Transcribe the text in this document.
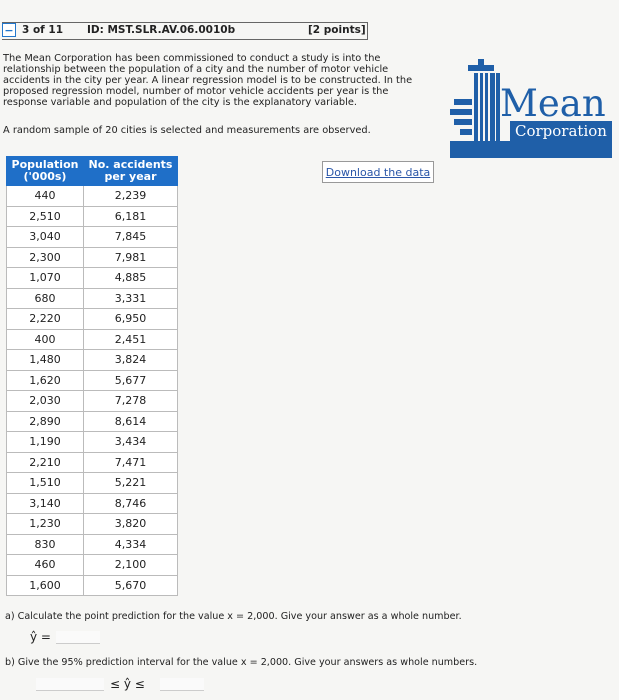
− 3 of 11 ID: MST.SLR.AV.06.0010b	[2 points]
The Mean Corporation has been commissioned to conduct a study is into the relationship between the population of a city and the number of motor vehicle accidents in the city per year. A linear regression model is to be constructed. In the proposed regression model, number of motor vehicle accidents per year is the response variable and population of the city is the explanatory variable.
A random sample of 20 cities is selected and measurements are observed.
Population ('000s)	No. accidents per year
440	2,239
2,510	6,181
3,040	7,845
2,300	7,981
1,070	4,885
680	3,331
2,220	6,950
400	2,451
1,480	3,824
1,620	5,677
2,030	7,278
2,890	8,614
1,190	3,434
2,210	7,471
1,510	5,221
3,140	8,746
1,230	3,820
830	4,334
460	2,100
1,600	5,670
Download the data
Mean
Corporation
a) Calculate the point prediction for the value x = 2,000. Give your answer as a whole number.
ŷ =
b) Give the 95% prediction interval for the value x = 2,000. Give your answers as whole numbers.
≤ ŷ ≤
